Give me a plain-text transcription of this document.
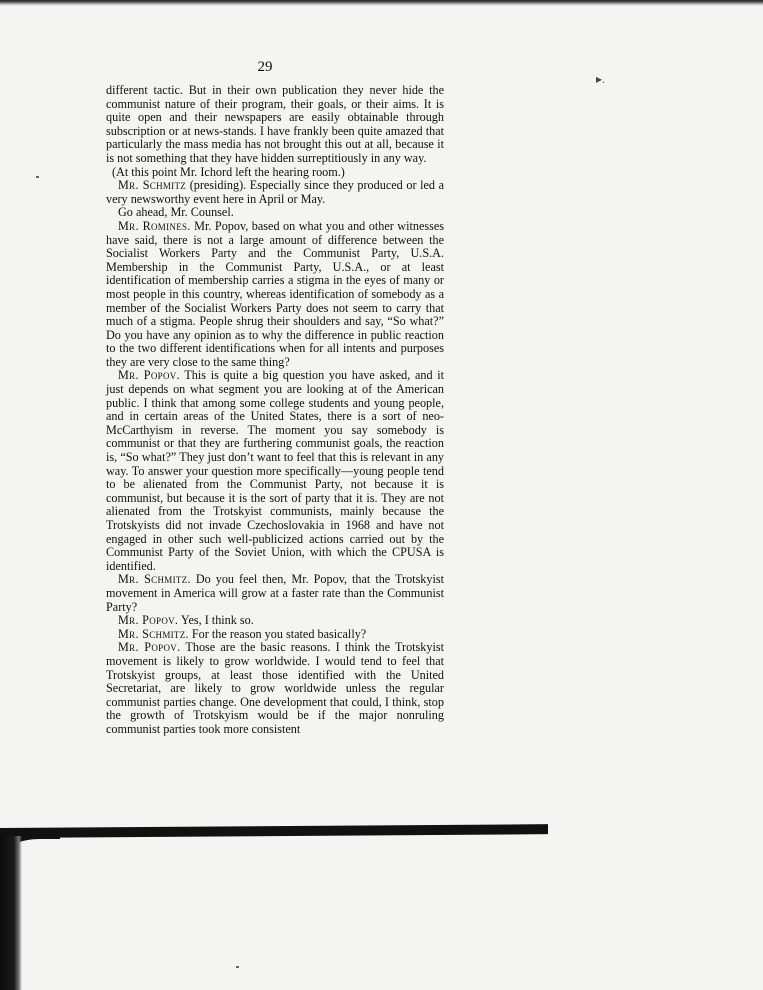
29
▸.

different tactic. But in their own publication they never hide the communist nature of their program, their goals, or their aims. It is quite open and their newspapers are easily obtainable through subscription or at news-stands. I have frankly been quite amazed that particularly the mass media has not brought this out at all, because it is not something that they have hidden surreptitiously in any way.

(At this point Mr. Ichord left the hearing room.)

Mr. Schmitz (presiding). Especially since they produced or led a very newsworthy event here in April or May.

Go ahead, Mr. Counsel.

Mr. Romines. Mr. Popov, based on what you and other witnesses have said, there is not a large amount of difference between the Socialist Workers Party and the Communist Party, U.S.A. Membership in the Communist Party, U.S.A., or at least identification of membership carries a stigma in the eyes of many or most people in this country, whereas identification of somebody as a member of the Socialist Workers Party does not seem to carry that much of a stigma. People shrug their shoulders and say, “So what?” Do you have any opinion as to why the difference in public reaction to the two different identifications when for all intents and purposes they are very close to the same thing?

Mr. Popov. This is quite a big question you have asked, and it just depends on what segment you are looking at of the American public. I think that among some college students and young people, and in certain areas of the United States, there is a sort of neo-McCarthyism in reverse. The moment you say somebody is communist or that they are furthering communist goals, the reaction is, “So what?” They just don’t want to feel that this is relevant in any way. To answer your question more specifically—young people tend to be alienated from the Communist Party, not because it is communist, but because it is the sort of party that it is. They are not alienated from the Trotskyist communists, mainly because the Trotskyists did not invade Czechoslovakia in 1968 and have not engaged in other such well-publicized actions carried out by the Communist Party of the Soviet Union, with which the CPUSA is identified.

Mr. Schmitz. Do you feel then, Mr. Popov, that the Trotskyist movement in America will grow at a faster rate than the Communist Party?

Mr. Popov. Yes, I think so.

Mr. Schmitz. For the reason you stated basically?

Mr. Popov. Those are the basic reasons. I think the Trotskyist movement is likely to grow worldwide. I would tend to feel that Trotskyist groups, at least those identified with the United Secretariat, are likely to grow worldwide unless the regular communist parties change. One development that could, I think, stop the growth of Trotskyism would be if the major nonruling communist parties took more consistent
